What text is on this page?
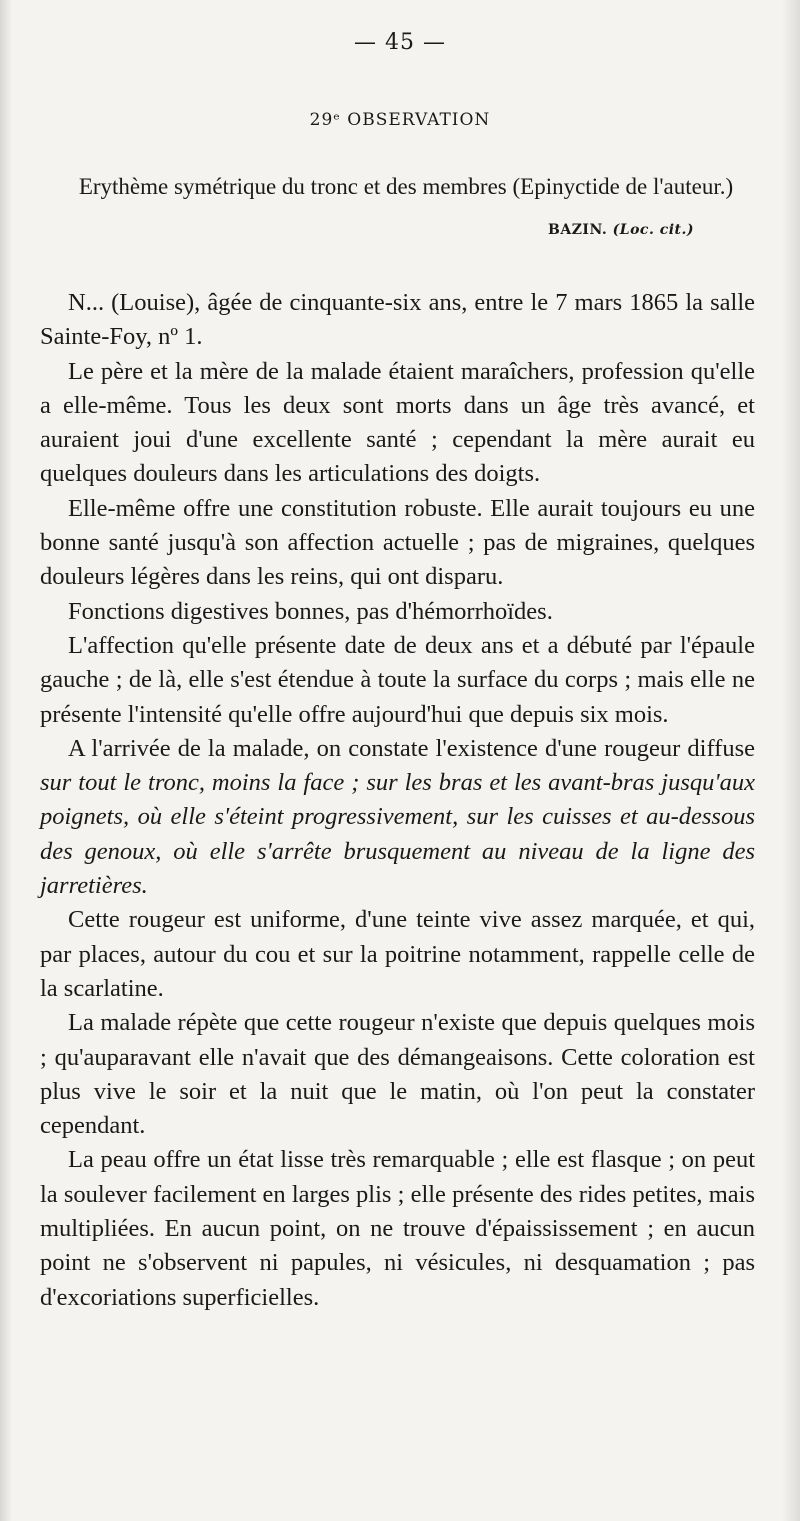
— 45 —
29ᵉ OBSERVATION
Erythème symétrique du tronc et des membres (Epinyctide de l'auteur.)
BAZIN. (Loc. cit.)

N... (Louise), âgée de cinquante-six ans, entre le 7 mars 1865 la salle Sainte-Foy, nº 1.

Le père et la mère de la malade étaient maraîchers, profession qu'elle a elle-même. Tous les deux sont morts dans un âge très avancé, et auraient joui d'une excellente santé ; cependant la mère aurait eu quelques douleurs dans les articulations des doigts.

Elle-même offre une constitution robuste. Elle aurait toujours eu une bonne santé jusqu'à son affection actuelle ; pas de migraines, quelques douleurs légères dans les reins, qui ont disparu.

Fonctions digestives bonnes, pas d'hémorrhoïdes.

L'affection qu'elle présente date de deux ans et a débuté par l'épaule gauche ; de là, elle s'est étendue à toute la surface du corps ; mais elle ne présente l'intensité qu'elle offre aujourd'hui que depuis six mois.

A l'arrivée de la malade, on constate l'existence d'une rougeur diffuse sur tout le tronc, moins la face ; sur les bras et les avant-bras jusqu'aux poignets, où elle s'éteint progressivement, sur les cuisses et au-dessous des genoux, où elle s'arrête brusquement au niveau de la ligne des jarretières.

Cette rougeur est uniforme, d'une teinte vive assez marquée, et qui, par places, autour du cou et sur la poitrine notamment, rappelle celle de la scarlatine.

La malade répète que cette rougeur n'existe que depuis quelques mois ; qu'auparavant elle n'avait que des démangeaisons. Cette coloration est plus vive le soir et la nuit que le matin, où l'on peut la constater cependant.

La peau offre un état lisse très remarquable ; elle est flasque ; on peut la soulever facilement en larges plis ; elle présente des rides petites, mais multipliées. En aucun point, on ne trouve d'épaississement ; en aucun point ne s'observent ni papules, ni vésicules, ni desquamation ; pas d'excoriations superficielles.
